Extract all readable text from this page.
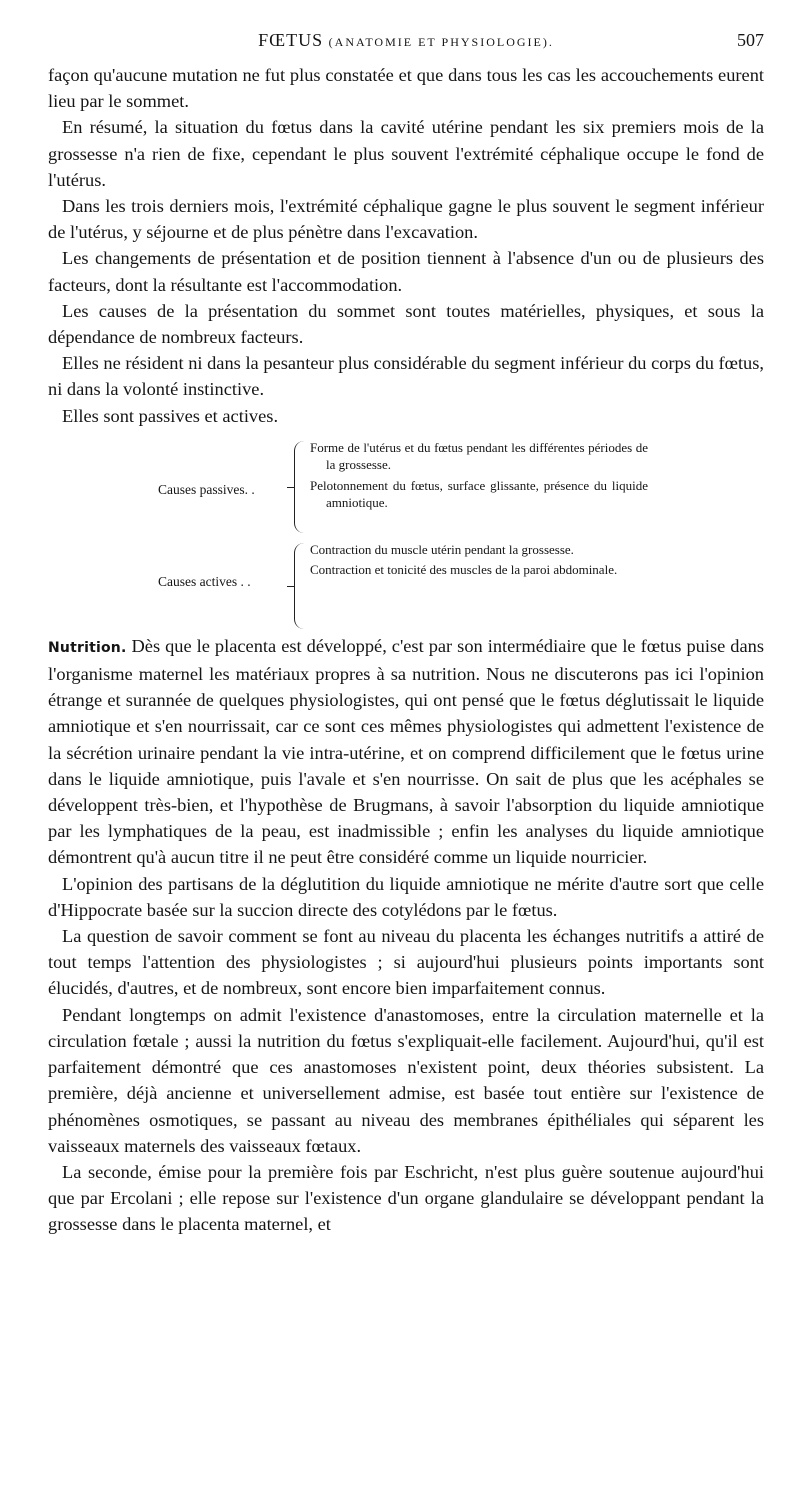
FŒTUS (ANATOMIE ET PHYSIOLOGIE).	507

façon qu'aucune mutation ne fut plus constatée et que dans tous les cas les accouchements eurent lieu par le sommet.

En résumé, la situation du fœtus dans la cavité utérine pendant les six premiers mois de la grossesse n'a rien de fixe, cependant le plus souvent l'extrémité céphalique occupe le fond de l'utérus.

Dans les trois derniers mois, l'extrémité céphalique gagne le plus souvent le segment inférieur de l'utérus, y séjourne et de plus pénètre dans l'excavation.

Les changements de présentation et de position tiennent à l'absence d'un ou de plusieurs des facteurs, dont la résultante est l'accommodation.

Les causes de la présentation du sommet sont toutes matérielles, physiques, et sous la dépendance de nombreux facteurs.

Elles ne résident ni dans la pesanteur plus considérable du segment inférieur du corps du fœtus, ni dans la volonté instinctive.

Elles sont passives et actives.

Causes passives. .
Forme de l'utérus et du fœtus pendant les différentes périodes de la grossesse.
Pelotonnement du fœtus, surface glissante, présence du liquide amniotique.
Causes actives . .
Contraction du muscle utérin pendant la grossesse.
Contraction et tonicité des muscles de la paroi abdominale.

Nutrition. Dès que le placenta est développé, c'est par son intermédiaire que le fœtus puise dans l'organisme maternel les matériaux propres à sa nutrition. Nous ne discuterons pas ici l'opinion étrange et surannée de quelques physiologistes, qui ont pensé que le fœtus déglutissait le liquide amniotique et s'en nourrissait, car ce sont ces mêmes physiologistes qui admettent l'existence de la sécrétion urinaire pendant la vie intra-utérine, et on comprend difficilement que le fœtus urine dans le liquide amniotique, puis l'avale et s'en nourrisse. On sait de plus que les acéphales se développent très-bien, et l'hypothèse de Brugmans, à savoir l'absorption du liquide amniotique par les lymphatiques de la peau, est inadmissible ; enfin les analyses du liquide amniotique démontrent qu'à aucun titre il ne peut être considéré comme un liquide nourricier.

L'opinion des partisans de la déglutition du liquide amniotique ne mérite d'autre sort que celle d'Hippocrate basée sur la succion directe des cotylédons par le fœtus.

La question de savoir comment se font au niveau du placenta les échanges nutritifs a attiré de tout temps l'attention des physiologistes ; si aujourd'hui plusieurs points importants sont élucidés, d'autres, et de nombreux, sont encore bien imparfaitement connus.

Pendant longtemps on admit l'existence d'anastomoses, entre la circulation maternelle et la circulation fœtale ; aussi la nutrition du fœtus s'expliquait-elle facilement. Aujourd'hui, qu'il est parfaitement démontré que ces anastomoses n'existent point, deux théories subsistent. La première, déjà ancienne et universellement admise, est basée tout entière sur l'existence de phénomènes osmotiques, se passant au niveau des membranes épithéliales qui séparent les vaisseaux maternels des vaisseaux fœtaux.

La seconde, émise pour la première fois par Eschricht, n'est plus guère soutenue aujourd'hui que par Ercolani ; elle repose sur l'existence d'un organe glandulaire se développant pendant la grossesse dans le placenta maternel, et
